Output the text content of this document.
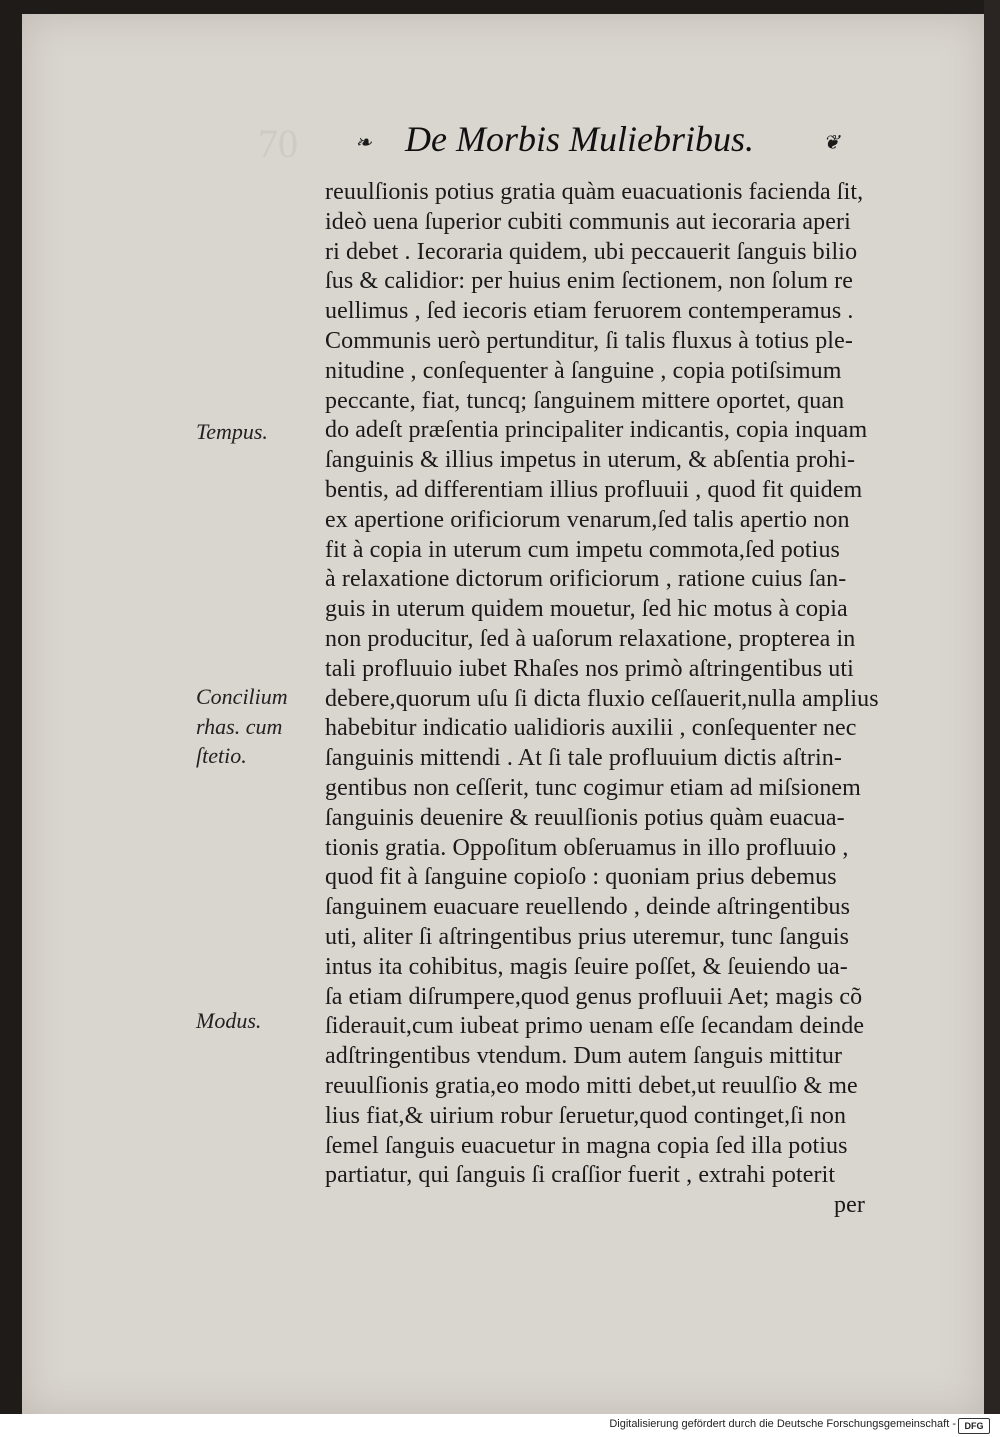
70	❧ De Morbis Muliebribus.	❦
reuulſionis potius gratia quàm euacuationis facienda ſit,
ideò uena ſuperior cubiti communis aut iecoraria aperi
ri debet . Iecoraria quidem, ubi peccauerit ſanguis bilio
ſus & calidior: per huius enim ſectionem, non ſolum re
uellimus , ſed iecoris etiam feruorem contemperamus .
Communis uerò pertunditur, ſi talis fluxus à totius ple-
nitudine , conſequenter à ſanguine , copia potiſsimum
peccante, fiat, tuncq; ſanguinem mittere oportet, quan
do adeſt præſentia principaliter indicantis, copia inquam
ſanguinis & illius impetus in uterum, & abſentia prohi-
bentis, ad differentiam illius profluuii , quod fit quidem
ex apertione orificiorum venarum,ſed talis apertio non
fit à copia in uterum cum impetu commota,ſed potius
à relaxatione dictorum orificiorum , ratione cuius ſan-
guis in uterum quidem mouetur, ſed hic motus à copia
non producitur, ſed à uaſorum relaxatione, propterea in
tali profluuio iubet Rhaſes nos primò aſtringentibus uti
debere,quorum uſu ſi dicta fluxio ceſſauerit,nulla amplius
habebitur indicatio ualidioris auxilii , conſequenter nec
ſanguinis mittendi . At ſi tale profluuium dictis aſtrin-
gentibus non ceſſerit, tunc cogimur etiam ad miſsionem
ſanguinis deuenire & reuulſionis potius quàm euacua-
tionis gratia. Oppoſitum obſeruamus in illo profluuio ,
quod fit à ſanguine copioſo : quoniam prius debemus
ſanguinem euacuare reuellendo , deinde aſtringentibus
uti, aliter ſi aſtringentibus prius uteremur, tunc ſanguis
intus ita cohibitus, magis ſeuire poſſet, & ſeuiendo ua-
ſa etiam diſrumpere,quod genus profluuii Aet; magis cõ
ſiderauit,cum iubeat primo uenam eſſe ſecandam deinde
adſtringentibus vtendum. Dum autem ſanguis mittitur
reuulſionis gratia,eo modo mitti debet,ut reuulſio & me
lius fiat,& uirium robur ſeruetur,quod continget,ſi non
ſemel ſanguis euacuetur in magna copia ſed illa potius
partiatur, qui ſanguis ſi craſſior fuerit , extrahi poterit
per
Tempus.
Concilium
rhas. cum
ſtetio.
Modus.
Digitalisierung gefördert durch die Deutsche Forschungsgemeinschaft - DFG
